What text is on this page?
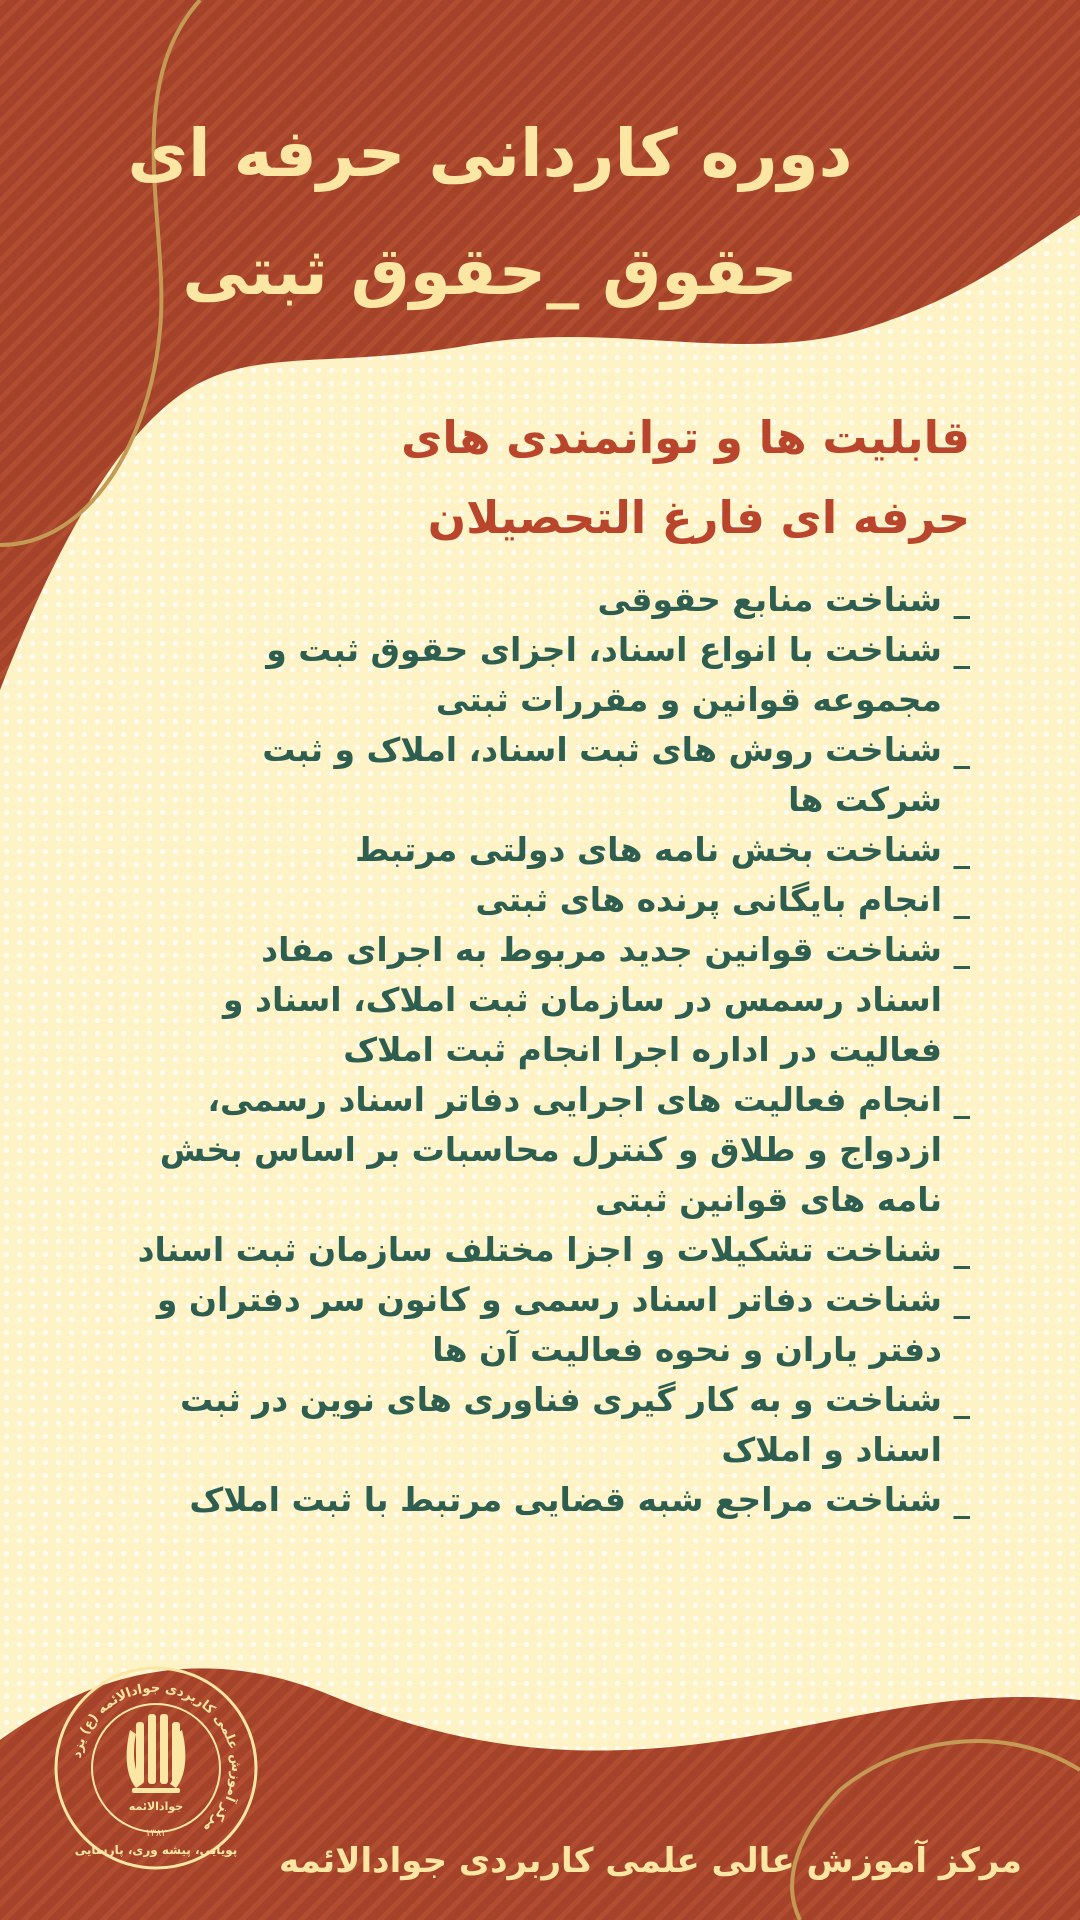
دوره کاردانی حرفه ای
حقوق _حقوق ثبتی
قابلیت ها و توانمندی های
حرفه ای فارغ التحصیلان
_ شناخت منابع حقوقی
_ شناخت با انواع اسناد، اجزای حقوق ثبت و
مجموعه قوانین و مقررات ثبتی
_ شناخت روش های ثبت اسناد، املاک و ثبت
شرکت ها
_ شناخت بخش نامه های دولتی مرتبط
_ انجام بایگانی پرنده های ثبتی
_ شناخت قوانین جدید مربوط به اجرای مفاد
اسناد رسمس در سازمان ثبت املاک، اسناد و
فعالیت در اداره اجرا انجام ثبت املاک
_ انجام فعالیت های اجرایی دفاتر اسناد رسمی،
ازدواج و طلاق و کنترل محاسبات بر اساس بخش
نامه های قوانین ثبتی
_ شناخت تشکیلات و اجزا مختلف سازمان ثبت اسناد
_ شناخت دفاتر اسناد رسمی و کانون سر دفتران و
دفتر یاران و نحوه فعالیت آن ها
_ شناخت و به کار گیری فناوری های نوین در ثبت
اسناد و املاک
_ شناخت مراجع شبه قضایی مرتبط با ثبت املاک
مرکز آموزش علمی کاربردی جوادالائمه (ع) یزد
جوادالائمه
۱۳۸۲
پویایی، پیشه وری، پارسایی	مرکز آموزش عالی علمی کاربردی جوادالائمه
